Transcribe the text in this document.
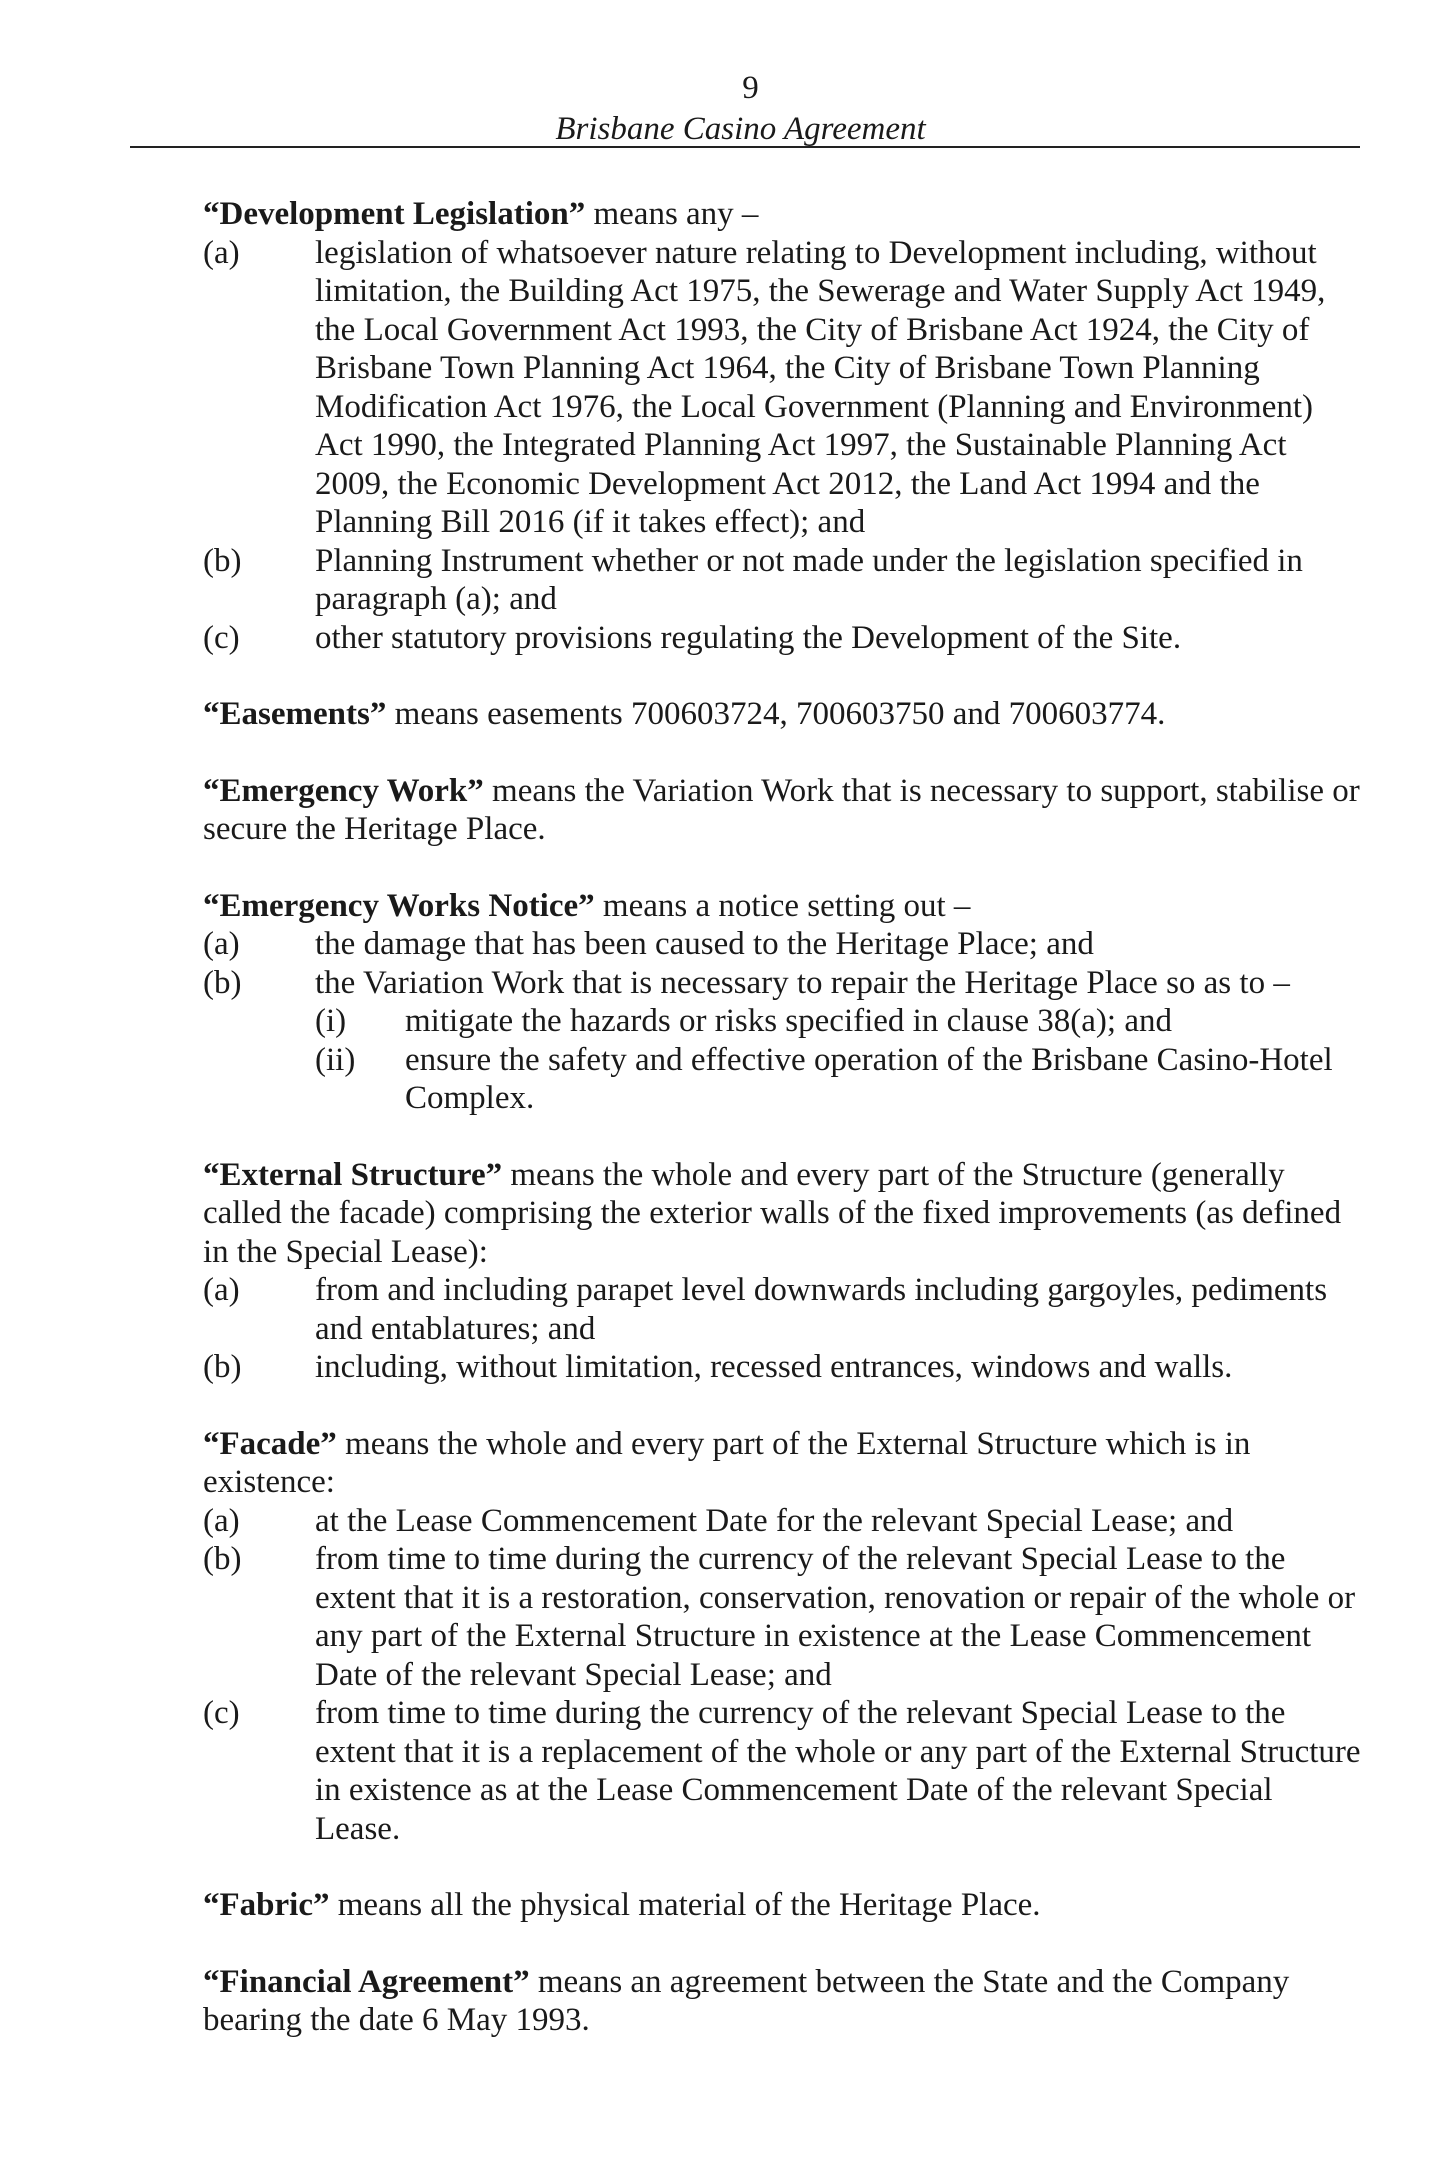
9
Brisbane Casino Agreement

“Development Legislation” means any –

(a) legislation of whatsoever nature relating to Development including, without limitation, the Building Act 1975, the Sewerage and Water Supply Act 1949, the Local Government Act 1993, the City of Brisbane Act 1924, the City of Brisbane Town Planning Act 1964, the City of Brisbane Town Planning Modification Act 1976, the Local Government (Planning and Environment) Act 1990, the Integrated Planning Act 1997, the Sustainable Planning Act 2009, the Economic Development Act 2012, the Land Act 1994 and the Planning Bill 2016 (if it takes effect); and

(b) Planning Instrument whether or not made under the legislation specified in paragraph (a); and

(c) other statutory provisions regulating the Development of the Site.

“Easements” means easements 700603724, 700603750 and 700603774.

“Emergency Work” means the Variation Work that is necessary to support, stabilise or secure the Heritage Place.

“Emergency Works Notice” means a notice setting out –

(a) the damage that has been caused to the Heritage Place; and

(b) the Variation Work that is necessary to repair the Heritage Place so as to –

(i) mitigate the hazards or risks specified in clause 38(a); and

(ii) ensure the safety and effective operation of the Brisbane Casino-Hotel Complex.

“External Structure” means the whole and every part of the Structure (generally called the facade) comprising the exterior walls of the fixed improvements (as defined in the Special Lease):

(a) from and including parapet level downwards including gargoyles, pediments and entablatures; and

(b) including, without limitation, recessed entrances, windows and walls.

“Facade” means the whole and every part of the External Structure which is in existence:

(a) at the Lease Commencement Date for the relevant Special Lease; and

(b) from time to time during the currency of the relevant Special Lease to the extent that it is a restoration, conservation, renovation or repair of the whole or any part of the External Structure in existence at the Lease Commencement Date of the relevant Special Lease; and

(c) from time to time during the currency of the relevant Special Lease to the extent that it is a replacement of the whole or any part of the External Structure in existence as at the Lease Commencement Date of the relevant Special Lease.

“Fabric” means all the physical material of the Heritage Place.

“Financial Agreement” means an agreement between the State and the Company bearing the date 6 May 1993.
